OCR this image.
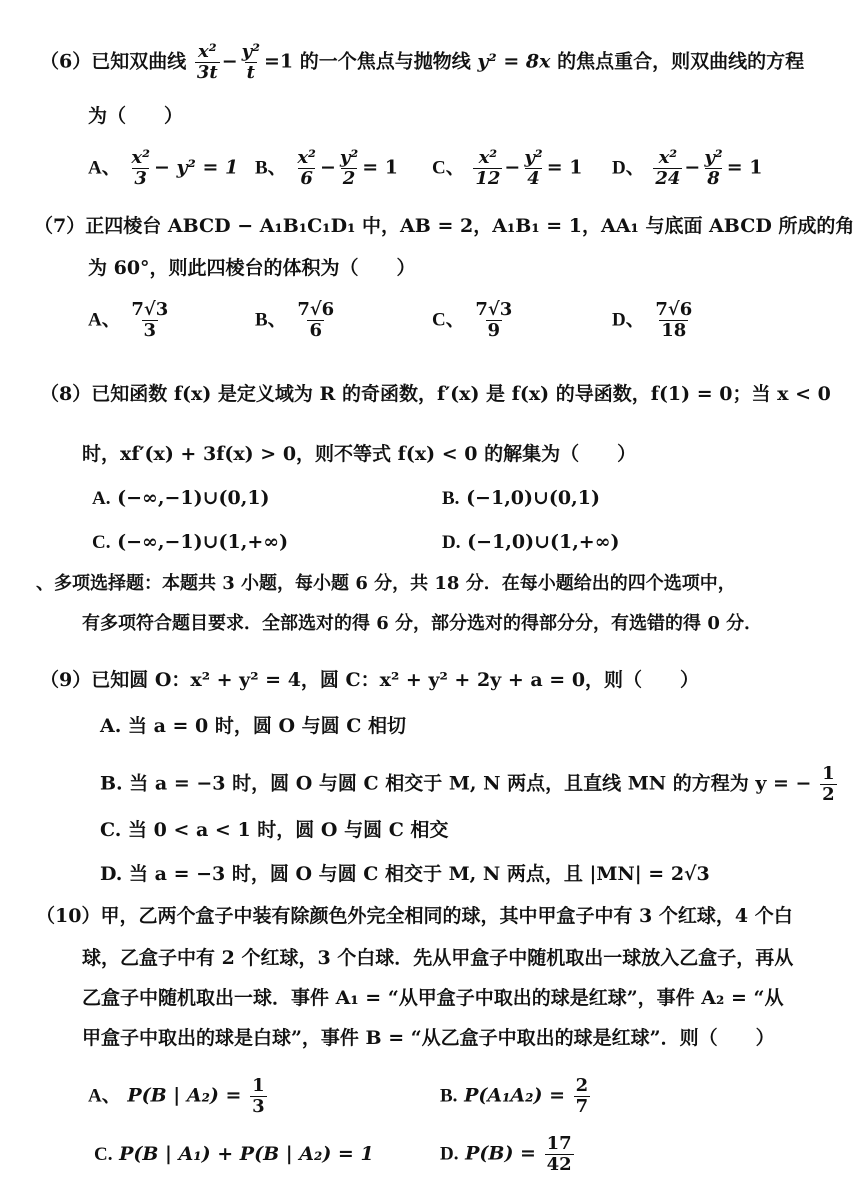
（6）已知双曲线 $\frac{\text{x²}}{3t} - \frac{\text{y²}}{t} =1$ 的一个焦点与抛物线 y² = 8x 的焦点重合，则双曲线的方程
为（　　）
A、 $\frac{\text{x²}}{3} - y^2 = 1$ B、 $\frac{\text{x²}}{6} - \frac{\text{y²}}{2} = 1$ C、 $\frac{\text{x²}}{12} - \frac{\text{y²}}{4} = 1$ D、 $\frac{\text{x²}}{24} - \frac{\text{y²}}{8} = 1$
（7）正四棱台 ABCD − A₁B₁C₁D₁ 中，AB = 2，A₁B₁ = 1，AA₁ 与底面 ABCD 所成的角
为 60°，则此四棱台的体积为（　　）
A、 $\frac{7√3}{3}$	B、 $\frac{7√6}{6}$	C、 $\frac{7√3}{9}$	D、 $\frac{7√6}{18}$
（8）已知函数 f(x) 是定义域为 R 的奇函数，f′(x) 是 f(x) 的导函数，f(1) = 0；当 x < 0
时，xf′(x) + 3f(x) > 0，则不等式 f(x) < 0 的解集为（　　）
A. (−∞,−1)∪(0,1)	B. (−1,0)∪(0,1)
C. (−∞,−1)∪(1,+∞)	D. (−1,0)∪(1,+∞)
、多项选择题：本题共 3 小题，每小题 6 分，共 18 分．在每小题给出的四个选项中，
有多项符合题目要求．全部选对的得 6 分，部分选对的得部分分，有选错的得 0 分．
（9）已知圆 O：x² + y² = 4，圆 C：x² + y² + 2y + a = 0，则（　　）
A. 当 a = 0 时，圆 O 与圆 C 相切
B. 当 a = −3 时，圆 O 与圆 C 相交于 M, N 两点，且直线 MN 的方程为 y = − $\frac{1}{2}$
C. 当 0 < a < 1 时，圆 O 与圆 C 相交
D. 当 a = −3 时，圆 O 与圆 C 相交于 M, N 两点，且 |MN| = 2√3
（10）甲，乙两个盒子中装有除颜色外完全相同的球，其中甲盒子中有 3 个红球，4 个白
球，乙盒子中有 2 个红球，3 个白球．先从甲盒子中随机取出一球放入乙盒子，再从
乙盒子中随机取出一球．事件 A₁ = “从甲盒子中取出的球是红球”，事件 A₂ = “从
甲盒子中取出的球是白球”，事件 B = “从乙盒子中取出的球是红球”．则（　　）
A、 P(B | $A_2) = \frac{1}{3}$	B. $P(A_1A_2) = \frac{2}{7}$
C. P(B | A₁) + P(B | A₂) = 1	D. $P(B) = \frac{17}{42}$
